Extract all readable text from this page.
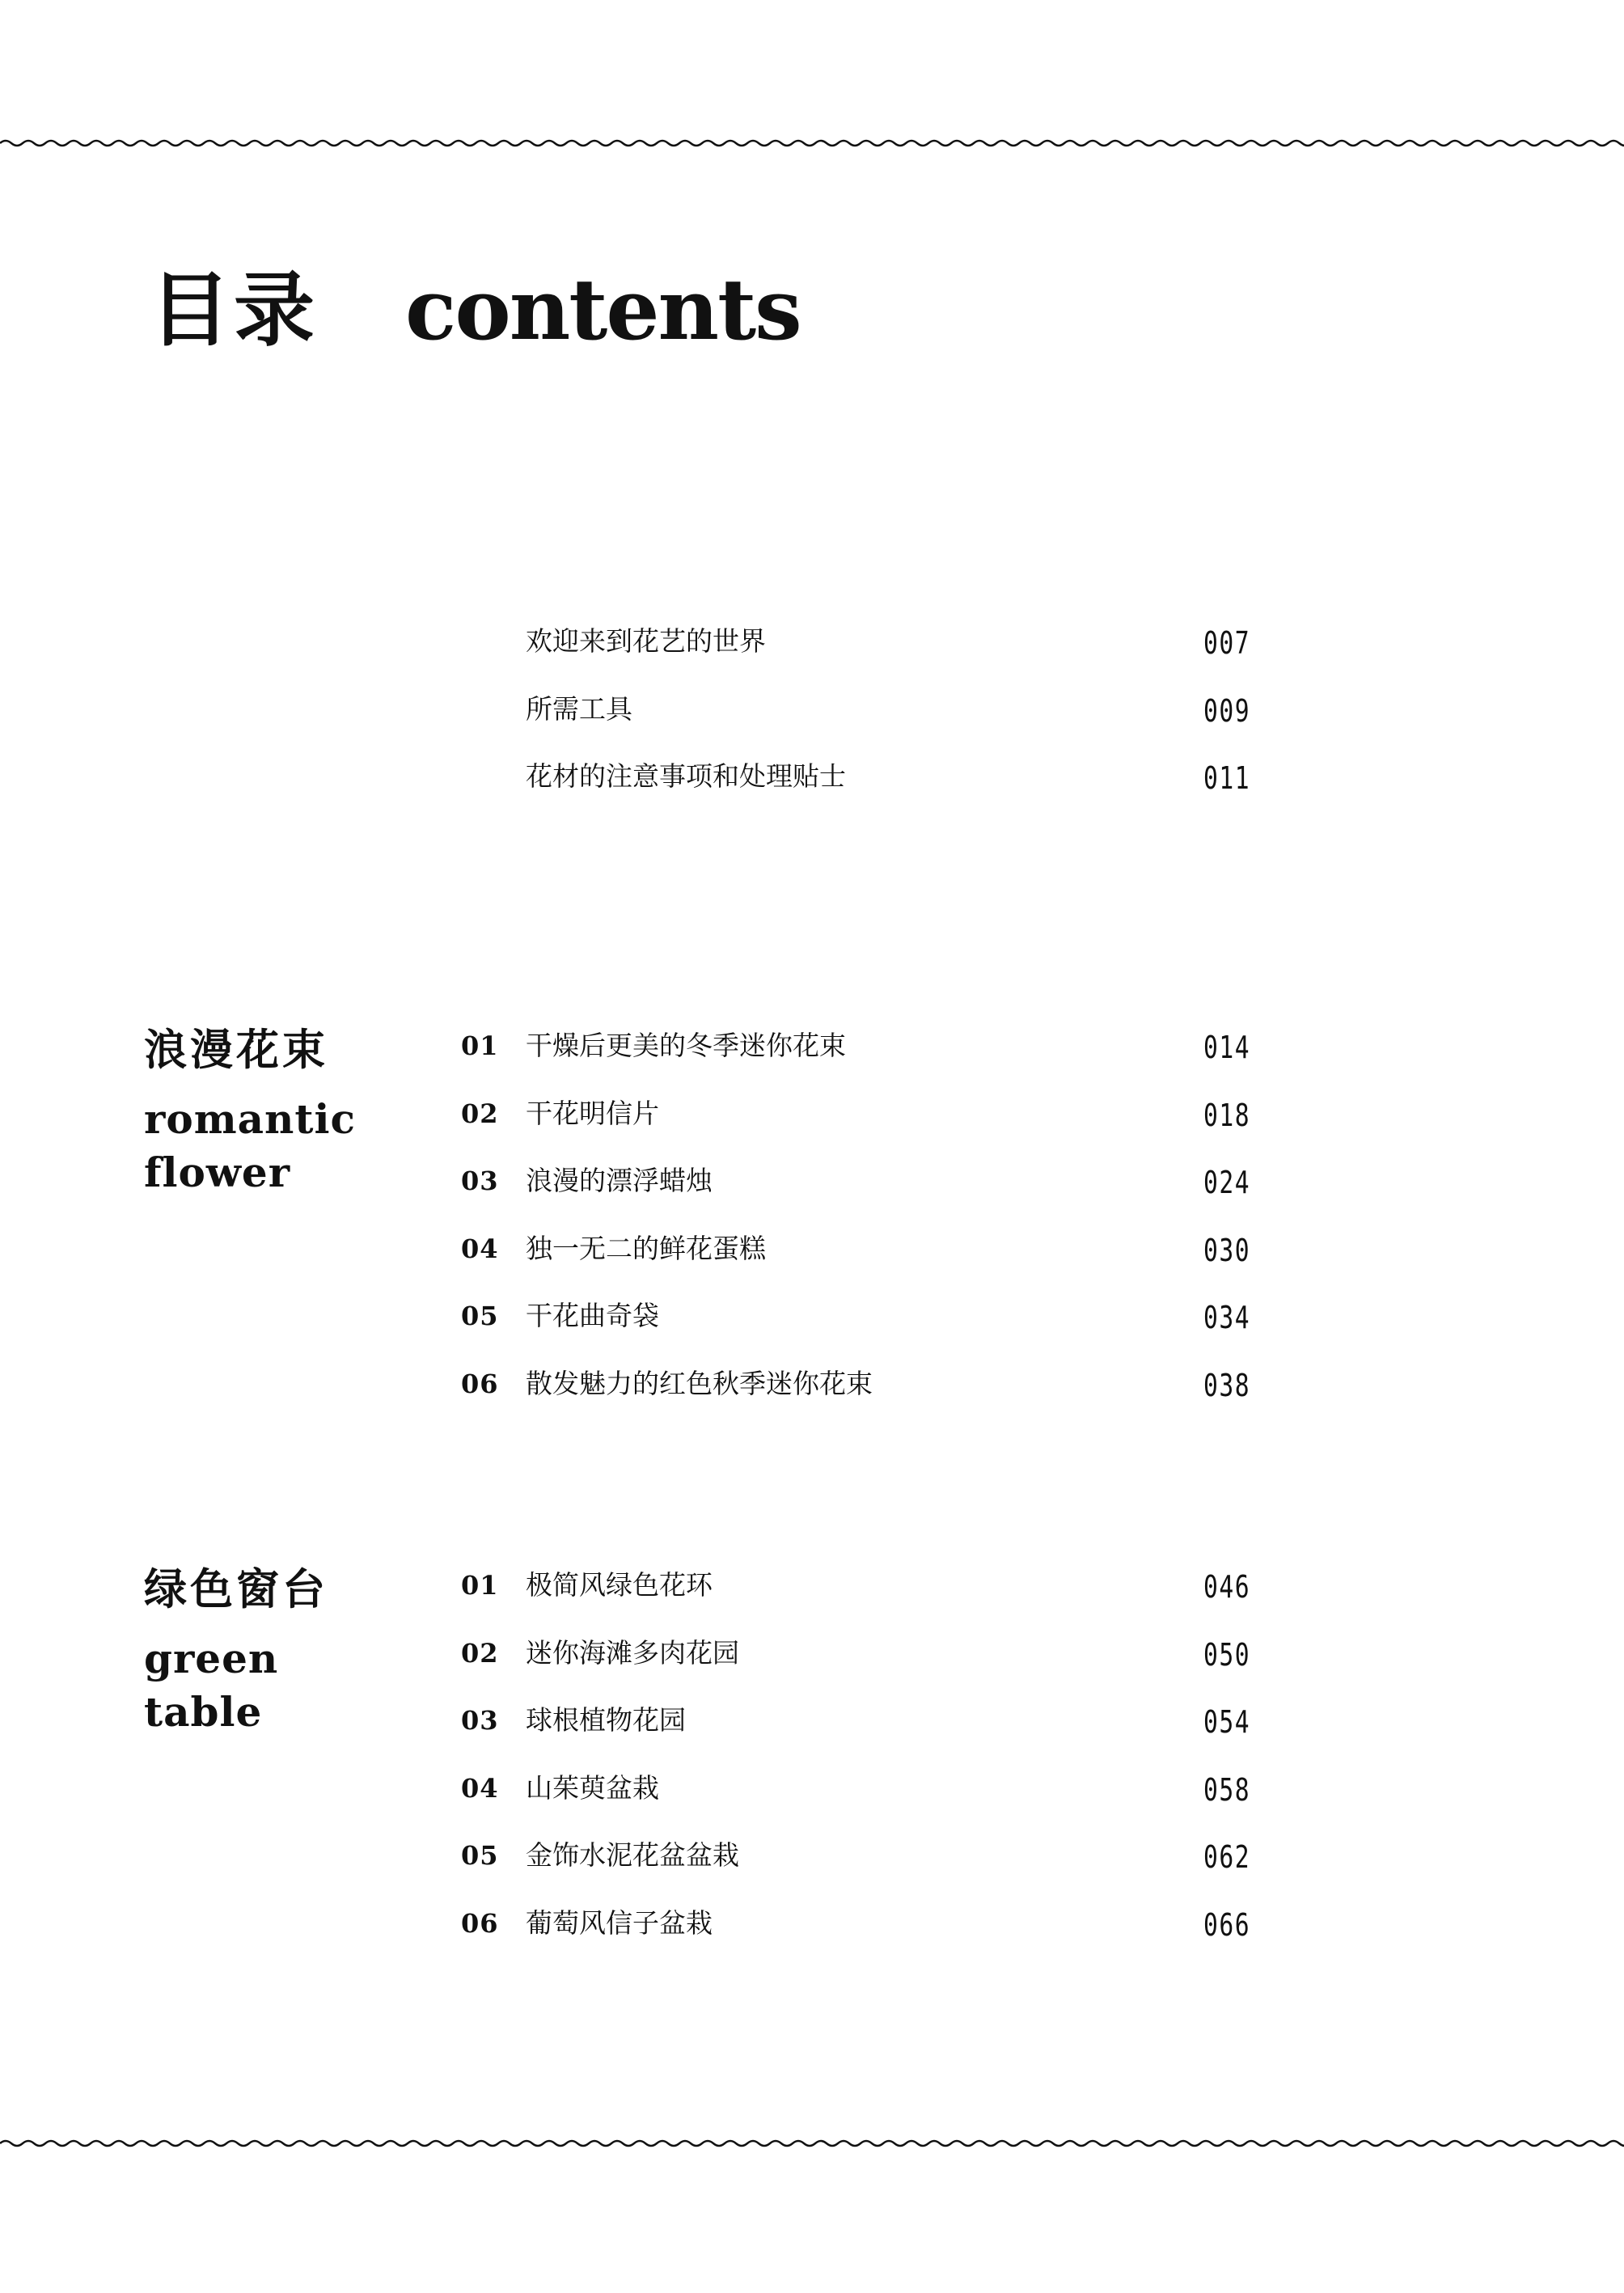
目录 contents
欢迎来到花艺的世界	007
所需工具	009
花材的注意事项和处理贴士	011
浪漫花束
romantic
flower
01 干燥后更美的冬季迷你花束	014
02 干花明信片	018
03 浪漫的漂浮蜡烛	024
04 独一无二的鲜花蛋糕	030
05 干花曲奇袋	034
06 散发魅力的红色秋季迷你花束	038
绿色窗台
green
table
01 极简风绿色花环	046
02 迷你海滩多肉花园	050
03 球根植物花园	054
04 山茱萸盆栽	058
05 金饰水泥花盆盆栽	062
06 葡萄风信子盆栽	066
